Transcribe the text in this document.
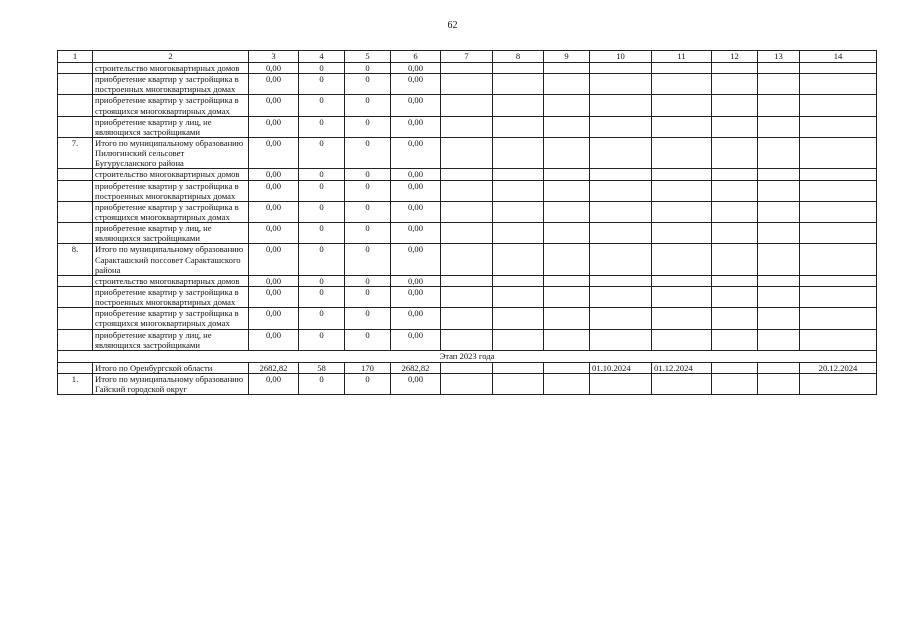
62
1	2	3	4	5	6	7	8	9	10	11	12	13	14
	строительство многоквартирных домов	0,00	0	0	0,00								
	приобретение квартир у застройщика в построенных многоквартирных домах	0,00	0	0	0,00								
	приобретение квартир у застройщика в строящихся многоквартирных домах	0,00	0	0	0,00								
	приобретение квартир у лиц, не являющихся застройщиками	0,00	0	0	0,00								
7.	Итого по муниципальному образованию Пилюгинский сельсовет Бугурусланского района	0,00	0	0	0,00								
	строительство многоквартирных домов	0,00	0	0	0,00								
	приобретение квартир у застройщика в построенных многоквартирных домах	0,00	0	0	0,00								
	приобретение квартир у застройщика в строящихся многоквартирных домах	0,00	0	0	0,00								
	приобретение квартир у лиц, не являющихся застройщиками	0,00	0	0	0,00								
8.	Итого по муниципальному образованию Саракташский поссовет Саракташского района	0,00	0	0	0,00								
	строительство многоквартирных домов	0,00	0	0	0,00								
	приобретение квартир у застройщика в построенных многоквартирных домах	0,00	0	0	0,00								
	приобретение квартир у застройщика в строящихся многоквартирных домах	0,00	0	0	0,00								
	приобретение квартир у лиц, не являющихся застройщиками	0,00	0	0	0,00								
Этап 2023 года													
	Итого по Оренбургской области	2682,82	58	170	2682,82				01.10.2024	01.12.2024			20.12.2024
1.	Итого по муниципальному образованию Гайский городской округ	0,00	0	0	0,00								
